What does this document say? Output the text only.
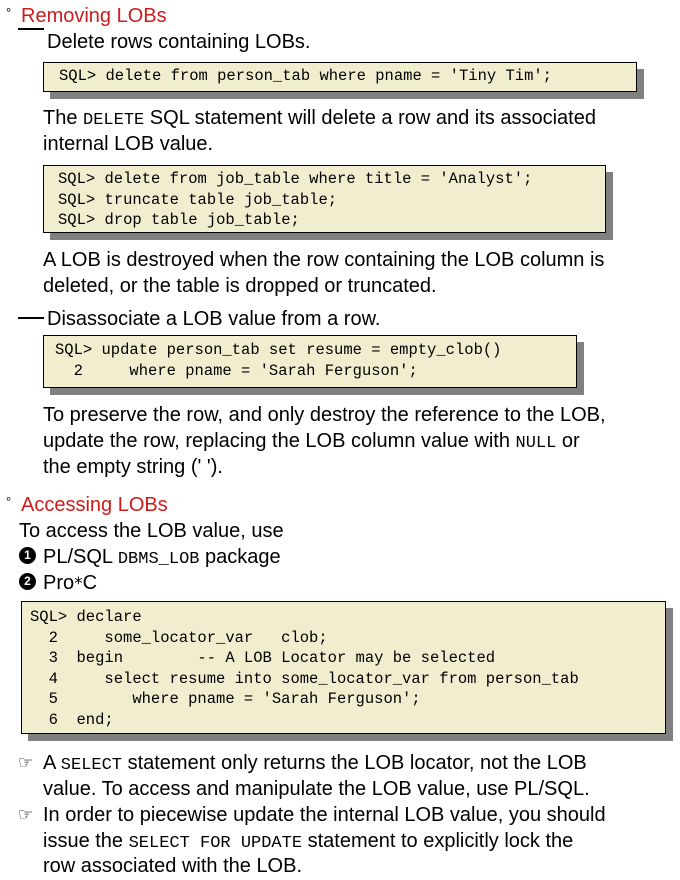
° Removing LOBs
Delete rows containing LOBs.
SQL> delete from person_tab where pname = 'Tiny Tim';
The DELETE SQL statement will delete a row and its associated
internal LOB value.
SQL> delete from job_table where title = 'Analyst';
SQL> truncate table job_table;
SQL> drop table job_table;
A LOB is destroyed when the row containing the LOB column is
deleted, or the table is dropped or truncated.
Disassociate a LOB value from a row.
SQL> update person_tab set resume = empty_clob()
2     where pname = 'Sarah Ferguson';
To preserve the row, and only destroy the reference to the LOB,
update the row, replacing the LOB column value with NULL or
the empty string (' ').
° Accessing LOBs
To access the LOB value, use
1 PL/SQL DBMS_LOB package
2 Pro*C
SQL> declare
2     some_locator_var   clob;
3  begin        -- A LOB Locator may be selected
4     select resume into some_locator_var from person_tab
5        where pname = 'Sarah Ferguson';
6  end;
☞ A SELECT statement only returns the LOB locator, not the LOB
value. To access and manipulate the LOB value, use PL/SQL.
☞ In order to piecewise update the internal LOB value, you should
issue the SELECT FOR UPDATE statement to explicitly lock the
row associated with the LOB.
